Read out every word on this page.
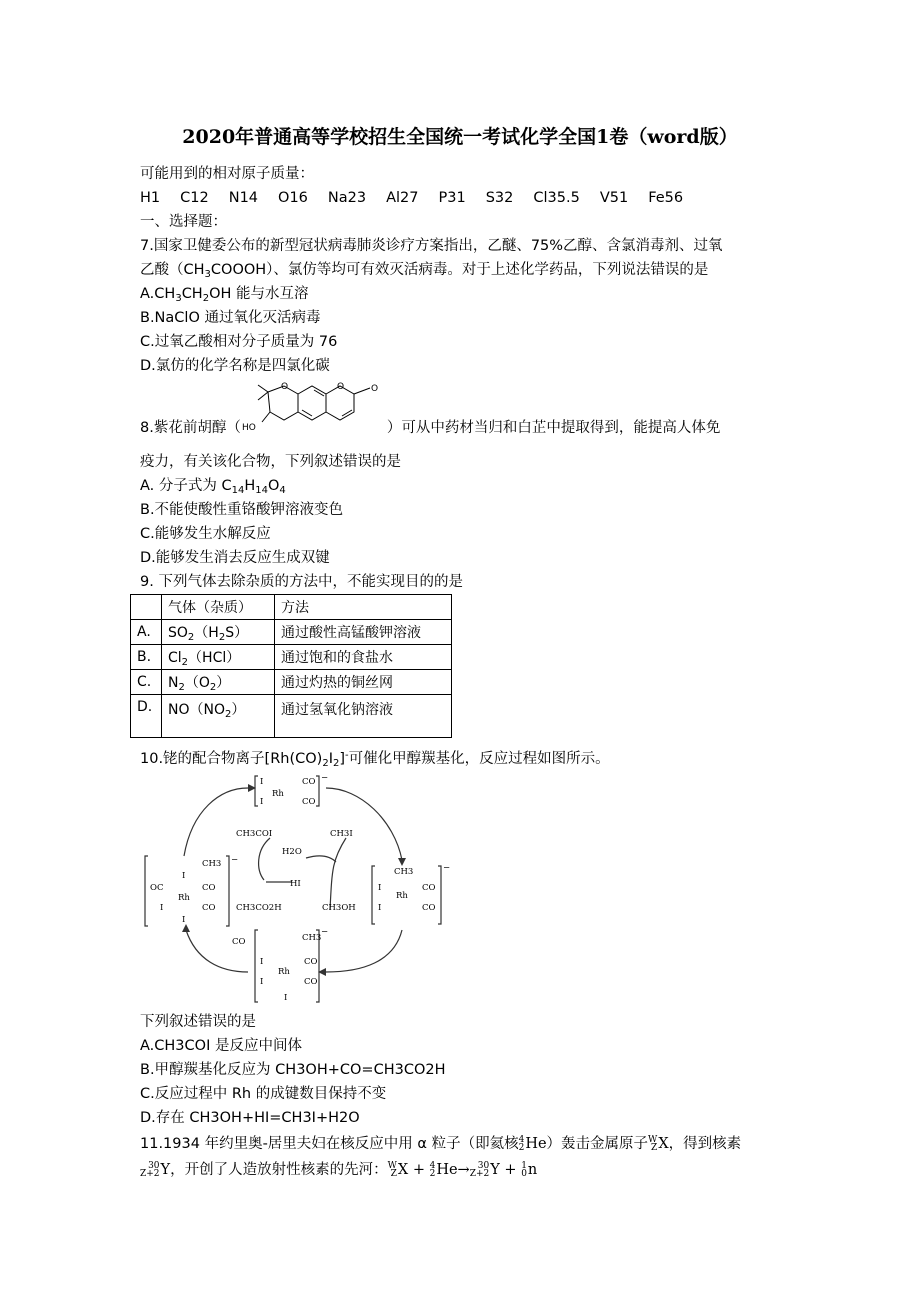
2020年普通高等学校招生全国统一考试化学全国1卷（word版）
可能用到的相对原子质量：H1 C12 N14 O16 Na23 Al27 P31 S32 Cl35.5 V51 Fe56
一、选择题：
7.国家卫健委公布的新型冠状病毒肺炎诊疗方案指出，乙醚、75%乙醇、含氯消毒剂、过氧
乙酸$(CH_3COOOH)$、氯仿等均可有效灭活病毒。对于上述化学药品，下列说法错误的是
$A.CH_3CH_2OH$ 能与水互溶
B.NaClO 通过氧化灭活病毒
C.过氧乙酸相对分子质量为 76
D.氯仿的化学名称是四氯化碳
8.紫花前胡醇（	）可从中药材当归和白芷中提取得到，能提高人体免
HO
O	O	O
疫力，有关该化合物，下列叙述错误的是
A. 分子式为 $C_{14}H_{14}O_4$
B.不能使酸性重铬酸钾溶液变色
C.能够发生水解反应
D.能够发生消去反应生成双键
9. 下列气体去除杂质的方法中，不能实现目的的是
	气体（杂质）	方法
A.	$SO_2(H_2S)$	通过酸性高锰酸钾溶液
B.	$Cl_2(HCl)$	通过饱和的食盐水
C.	$N_2(O_2)$	通过灼热的铜丝网
D.	$NO(NO_2)$	通过氢氧化钠溶液
10.铑的配合物离子$[Rh(CO)_2I_2]^-$可催化甲醇羰基化，反应过程如图所示。
Rh
CO
CO
I
I
−
CH3COI	CH3I
H2O
HI
CH3CO2H	CH3OH
CH3
OC
Rh
CO
CO
I
I
I
−
CH3
Rh
CO
CO
I
I
−
CH3
Rh
CO
CO
I
I
I
−
CO
下列叙述错误的是
A.CH3COI 是反应中间体
B.甲醇羰基化反应为 CH3OH+CO=CH3CO2H
C.反应过程中 Rh 的成键数目保持不变
D.存在 CH3OH+HI=CH3I+H2O
11.1934 年约里奥-居里夫妇在核反应中用 α 粒子（即氦核 4
2 He）轰击金属原子 W
Z X，得到核素
30
Z+2 Y，开创了人造放射性核素的先河： W
Z X + 4
2 He→ 30
Z+2 Y + 1
0 n
